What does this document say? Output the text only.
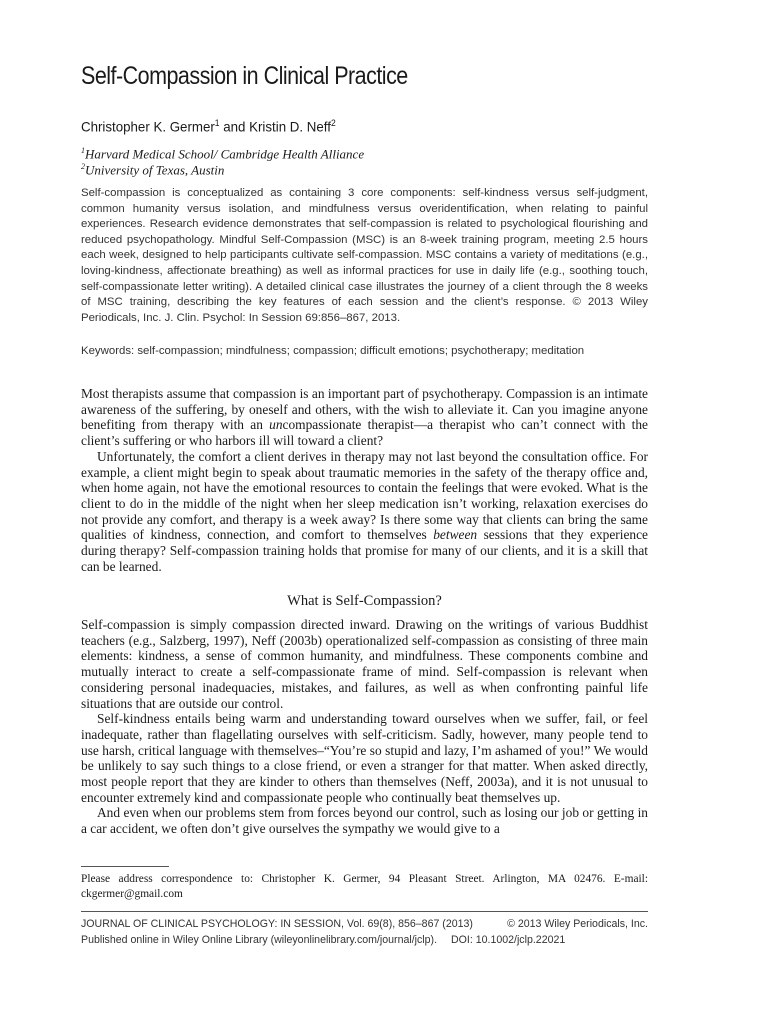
Self-Compassion in Clinical Practice
Christopher K. Germer$^1$ and Kristin D. Neff$^2$
$^1$Harvard Medical School/ Cambridge Health Alliance
$^2$University of Texas, Austin
Self-compassion is conceptualized as containing 3 core components: self-kindness versus self-judgment, common humanity versus isolation, and mindfulness versus overidentification, when relating to painful experiences. Research evidence demonstrates that self-compassion is related to psychological flourishing and reduced psychopathology. Mindful Self-Compassion (MSC) is an 8-week training program, meeting 2.5 hours each week, designed to help participants cultivate self-compassion. MSC contains a variety of meditations (e.g., loving-kindness, affectionate breathing) as well as informal practices for use in daily life (e.g., soothing touch, self-compassionate letter writing). A detailed clinical case illustrates the journey of a client through the 8 weeks of MSC training, describing the key features of each session and the client’s response. © 2013 Wiley Periodicals, Inc. J. Clin. Psychol: In Session 69:856–867, 2013.
Keywords: self-compassion; mindfulness; compassion; difficult emotions; psychotherapy; meditation

Most therapists assume that compassion is an important part of psychotherapy. Compassion is an intimate awareness of the suffering, by oneself and others, with the wish to alleviate it. Can you imagine anyone benefiting from therapy with an uncompassionate therapist—a therapist who can’t connect with the client’s suffering or who harbors ill will toward a client?

Unfortunately, the comfort a client derives in therapy may not last beyond the consultation office. For example, a client might begin to speak about traumatic memories in the safety of the therapy office and, when home again, not have the emotional resources to contain the feelings that were evoked. What is the client to do in the middle of the night when her sleep medication isn’t working, relaxation exercises do not provide any comfort, and therapy is a week away? Is there some way that clients can bring the same qualities of kindness, connection, and comfort to themselves between sessions that they experience during therapy? Self-compassion training holds that promise for many of our clients, and it is a skill that can be learned.

What is Self-Compassion?

Self-compassion is simply compassion directed inward. Drawing on the writings of various Buddhist teachers (e.g., Salzberg, 1997), Neff (2003b) operationalized self-compassion as consisting of three main elements: kindness, a sense of common humanity, and mindfulness. These components combine and mutually interact to create a self-compassionate frame of mind. Self-compassion is relevant when considering personal inadequacies, mistakes, and failures, as well as when confronting painful life situations that are outside our control.

Self-kindness entails being warm and understanding toward ourselves when we suffer, fail, or feel inadequate, rather than flagellating ourselves with self-criticism. Sadly, however, many people tend to use harsh, critical language with themselves–“You’re so stupid and lazy, I’m ashamed of you!” We would be unlikely to say such things to a close friend, or even a stranger for that matter. When asked directly, most people report that they are kinder to others than themselves (Neff, 2003a), and it is not unusual to encounter extremely kind and compassionate people who continually beat themselves up.

And even when our problems stem from forces beyond our control, such as losing our job or getting in a car accident, we often don’t give ourselves the sympathy we would give to a

Please address correspondence to: Christopher K. Germer, 94 Pleasant Street. Arlington, MA 02476. E-mail: ckgermer@gmail.com
JOURNAL OF CLINICAL PSYCHOLOGY: IN SESSION, Vol. 69(8), 856–867 (2013)	© 2013 Wiley Periodicals, Inc.
Published online in Wiley Online Library (wileyonlinelibrary.com/journal/jclp). DOI: 10.1002/jclp.22021
